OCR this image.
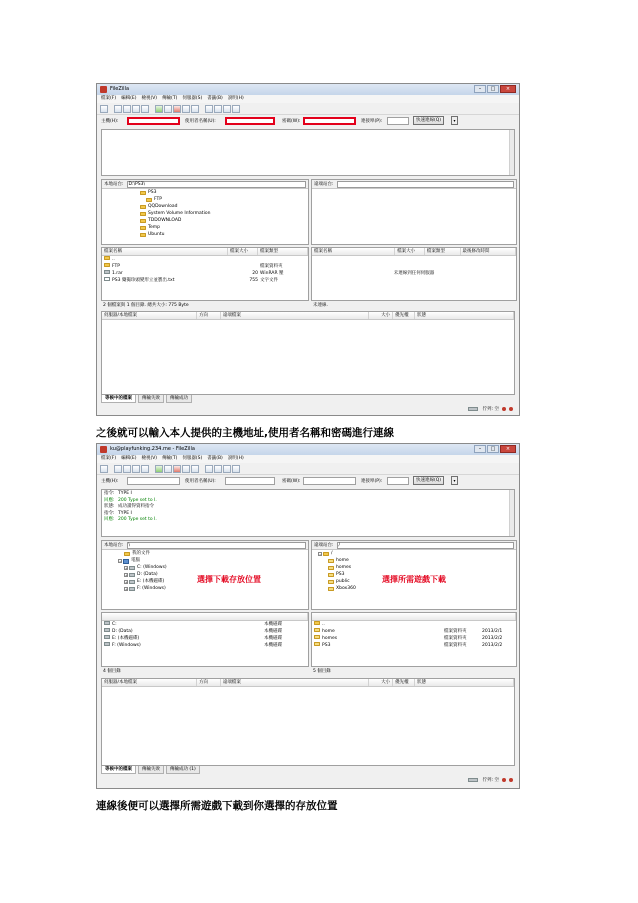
FileZilla	–	□	×
檔案(F) 編輯(E) 檢視(V) 傳輸(T) 伺服器(S) 書籤(B) 說明(H)
主機(H):	使用者名稱(U):	密碼(W):	連接埠(P):	快速連線(Q)	▾
本地站台:	D:\PS3\
PS3
FTP
QQDownload
System Volume Information
TDDOWNLOAD
Temp
Ubuntu
遠端站台:
檔案名稱	檔案大小	檔案類型
..
FTP	檔案資料夾
1.rar	20 WinRAR 壓
PS3 藥獨珍頭變形立並寶出.txt	755 文字文件
2 個檔案與 1 個目錄. 總共大小: 775 Byte
檔案名稱	檔案大小	檔案類型	最後修改時間
未連線到任何伺服器
未連線.
伺服器/本地檔案	方向	遠端檔案	大小	優先權	狀態
等候中的檔案	傳輸失敗	傳輸成功
佇列: 空
之後就可以輸入本人提供的主機地址,使用者名稱和密碼進行連線
ku@playfunking.234.me - FileZilla	–	□	×
檔案(F) 編輯(E) 檢視(V) 傳輸(T) 伺服器(S) 書籤(B) 說明(H)
主機(H):	使用者名稱(U):	密碼(W):	連接埠(P):	快速連線(Q)	▾
指令: TYPE I
回應: 200 Type set to I.
狀態: 成功讀得資料指令
指令: TYPE I
回應: 200 Type set to I.
本地站台:	\
我的文件
− 電腦
+ C: (Windows)
+ D: (Data)
+ E: (本機磁碟)
+ F: (Windows)
選擇下載存放位置
遠端站台:	/
− /
home
homes
PS3
public
Xbox360
選擇所需遊戲下載
C:	本機磁碟
D: (Data)	本機磁碟
E: (本機磁碟)	本機磁碟
F: (Windows)	本機磁碟
4 個目錄
..
home	檔案資料夾	2013/2/1
homes	檔案資料夾	2013/2/2
PS3	檔案資料夾	2013/2/2
5 個目錄
伺服器/本地檔案	方向	遠端檔案	大小	優先權	狀態
等候中的檔案	傳輸失敗	傳輸成功 (1)
佇列: 空
連線後便可以選擇所需遊戲下載到你選擇的存放位置
